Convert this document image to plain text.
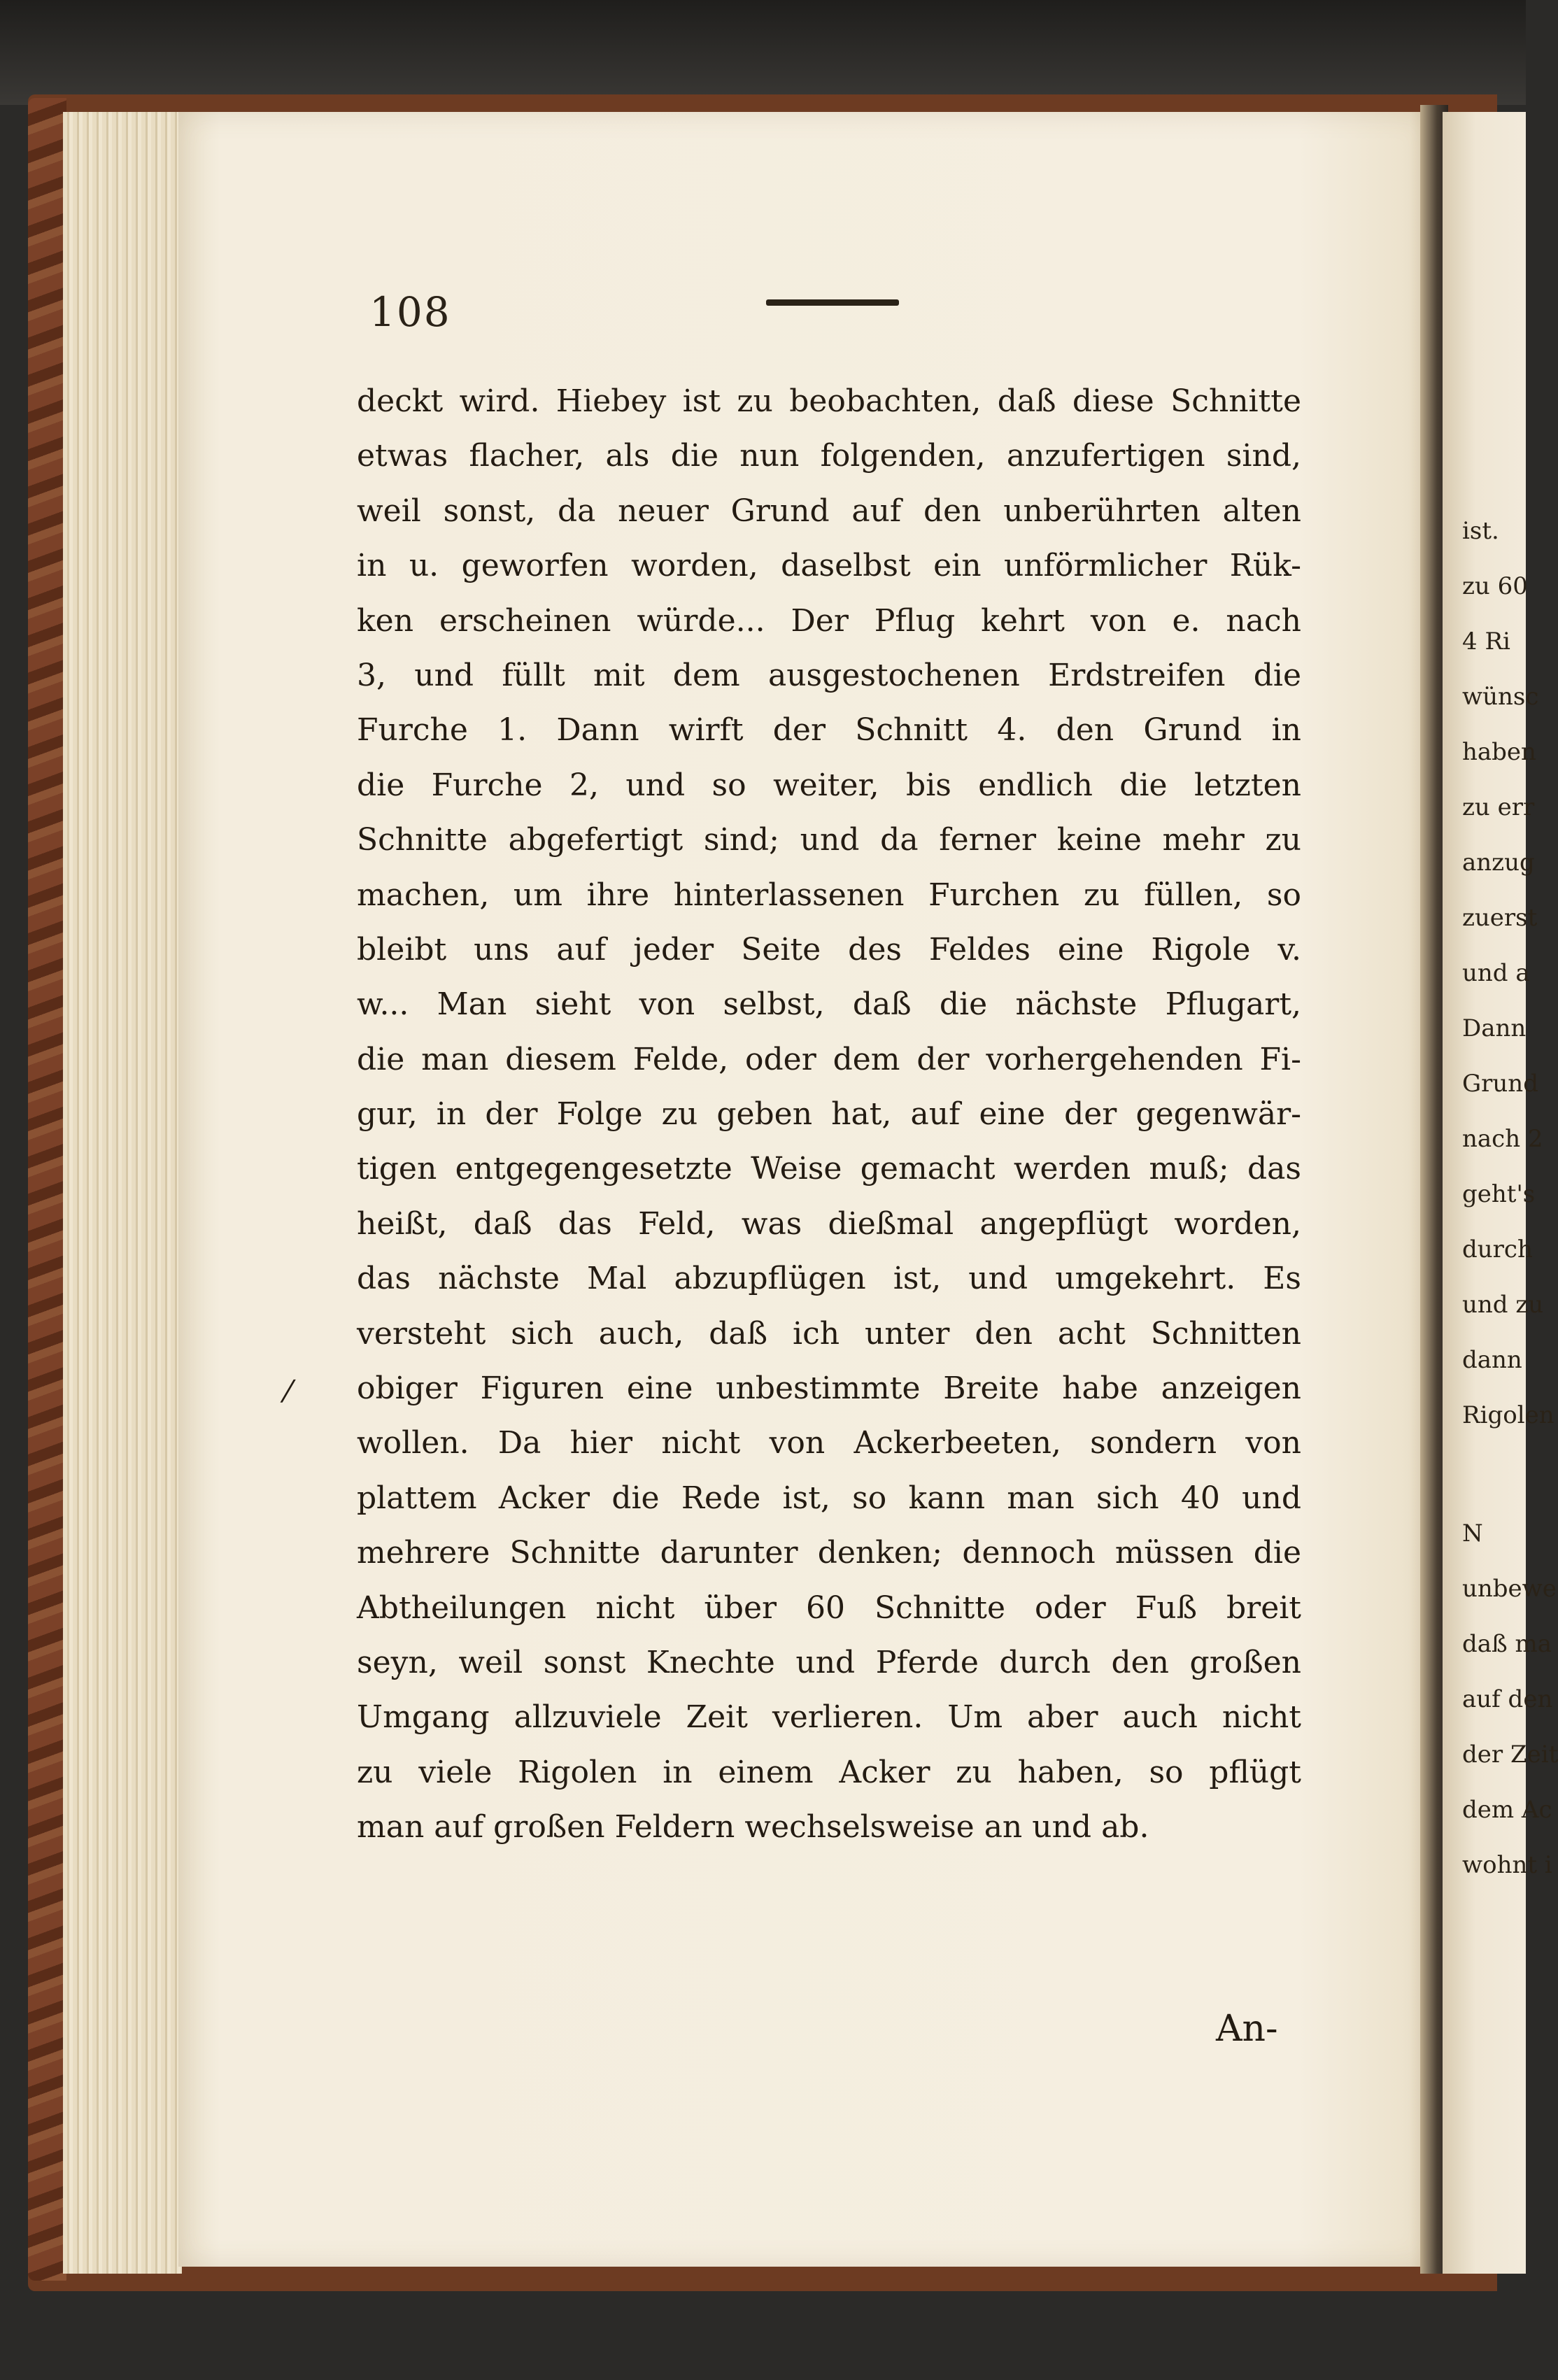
108
deckt wird. Hiebey ist zu beobachten, daß diese Schnitte
etwas flacher, als die nun folgenden, anzufertigen sind,
weil sonst, da neuer Grund auf den unberührten alten
in u. geworfen worden, daselbst ein unförmlicher Rük-
ken erscheinen würde... Der Pflug kehrt von e. nach
3, und füllt mit dem ausgestochenen Erdstreifen die
Furche 1. Dann wirft der Schnitt 4. den Grund in
die Furche 2, und so weiter, bis endlich die letzten
Schnitte abgefertigt sind; und da ferner keine mehr zu
machen, um ihre hinterlassenen Furchen zu füllen, so
bleibt uns auf jeder Seite des Feldes eine Rigole v.
w... Man sieht von selbst, daß die nächste Pflugart,
die man diesem Felde, oder dem der vorhergehenden Fi-
gur, in der Folge zu geben hat, auf eine der gegenwär-
tigen entgegengesetzte Weise gemacht werden muß; das
heißt, daß das Feld, was dießmal angepflügt worden,
das nächste Mal abzupflügen ist, und umgekehrt. Es
versteht sich auch, daß ich unter den acht Schnitten
obiger Figuren eine unbestimmte Breite habe anzeigen
wollen. Da hier nicht von Ackerbeeten, sondern von
plattem Acker die Rede ist, so kann man sich 40 und
mehrere Schnitte darunter denken; dennoch müssen die
Abtheilungen nicht über 60 Schnitte oder Fuß breit
seyn, weil sonst Knechte und Pferde durch den großen
Umgang allzuviele Zeit verlieren. Um aber auch nicht
zu viele Rigolen in einem Acker zu haben, so pflügt
man auf großen Feldern wechselsweise an und ab.
/
An-
ist.
zu 60
4 Ri
wünsc
haben
zu err
anzug
zuerst
und a
Dann
Grund
nach 2
geht's
durch
und zu
dann
Rigolen
N
unbewe
daß ma
auf den
der Zeit
dem Ac
wohnt i
